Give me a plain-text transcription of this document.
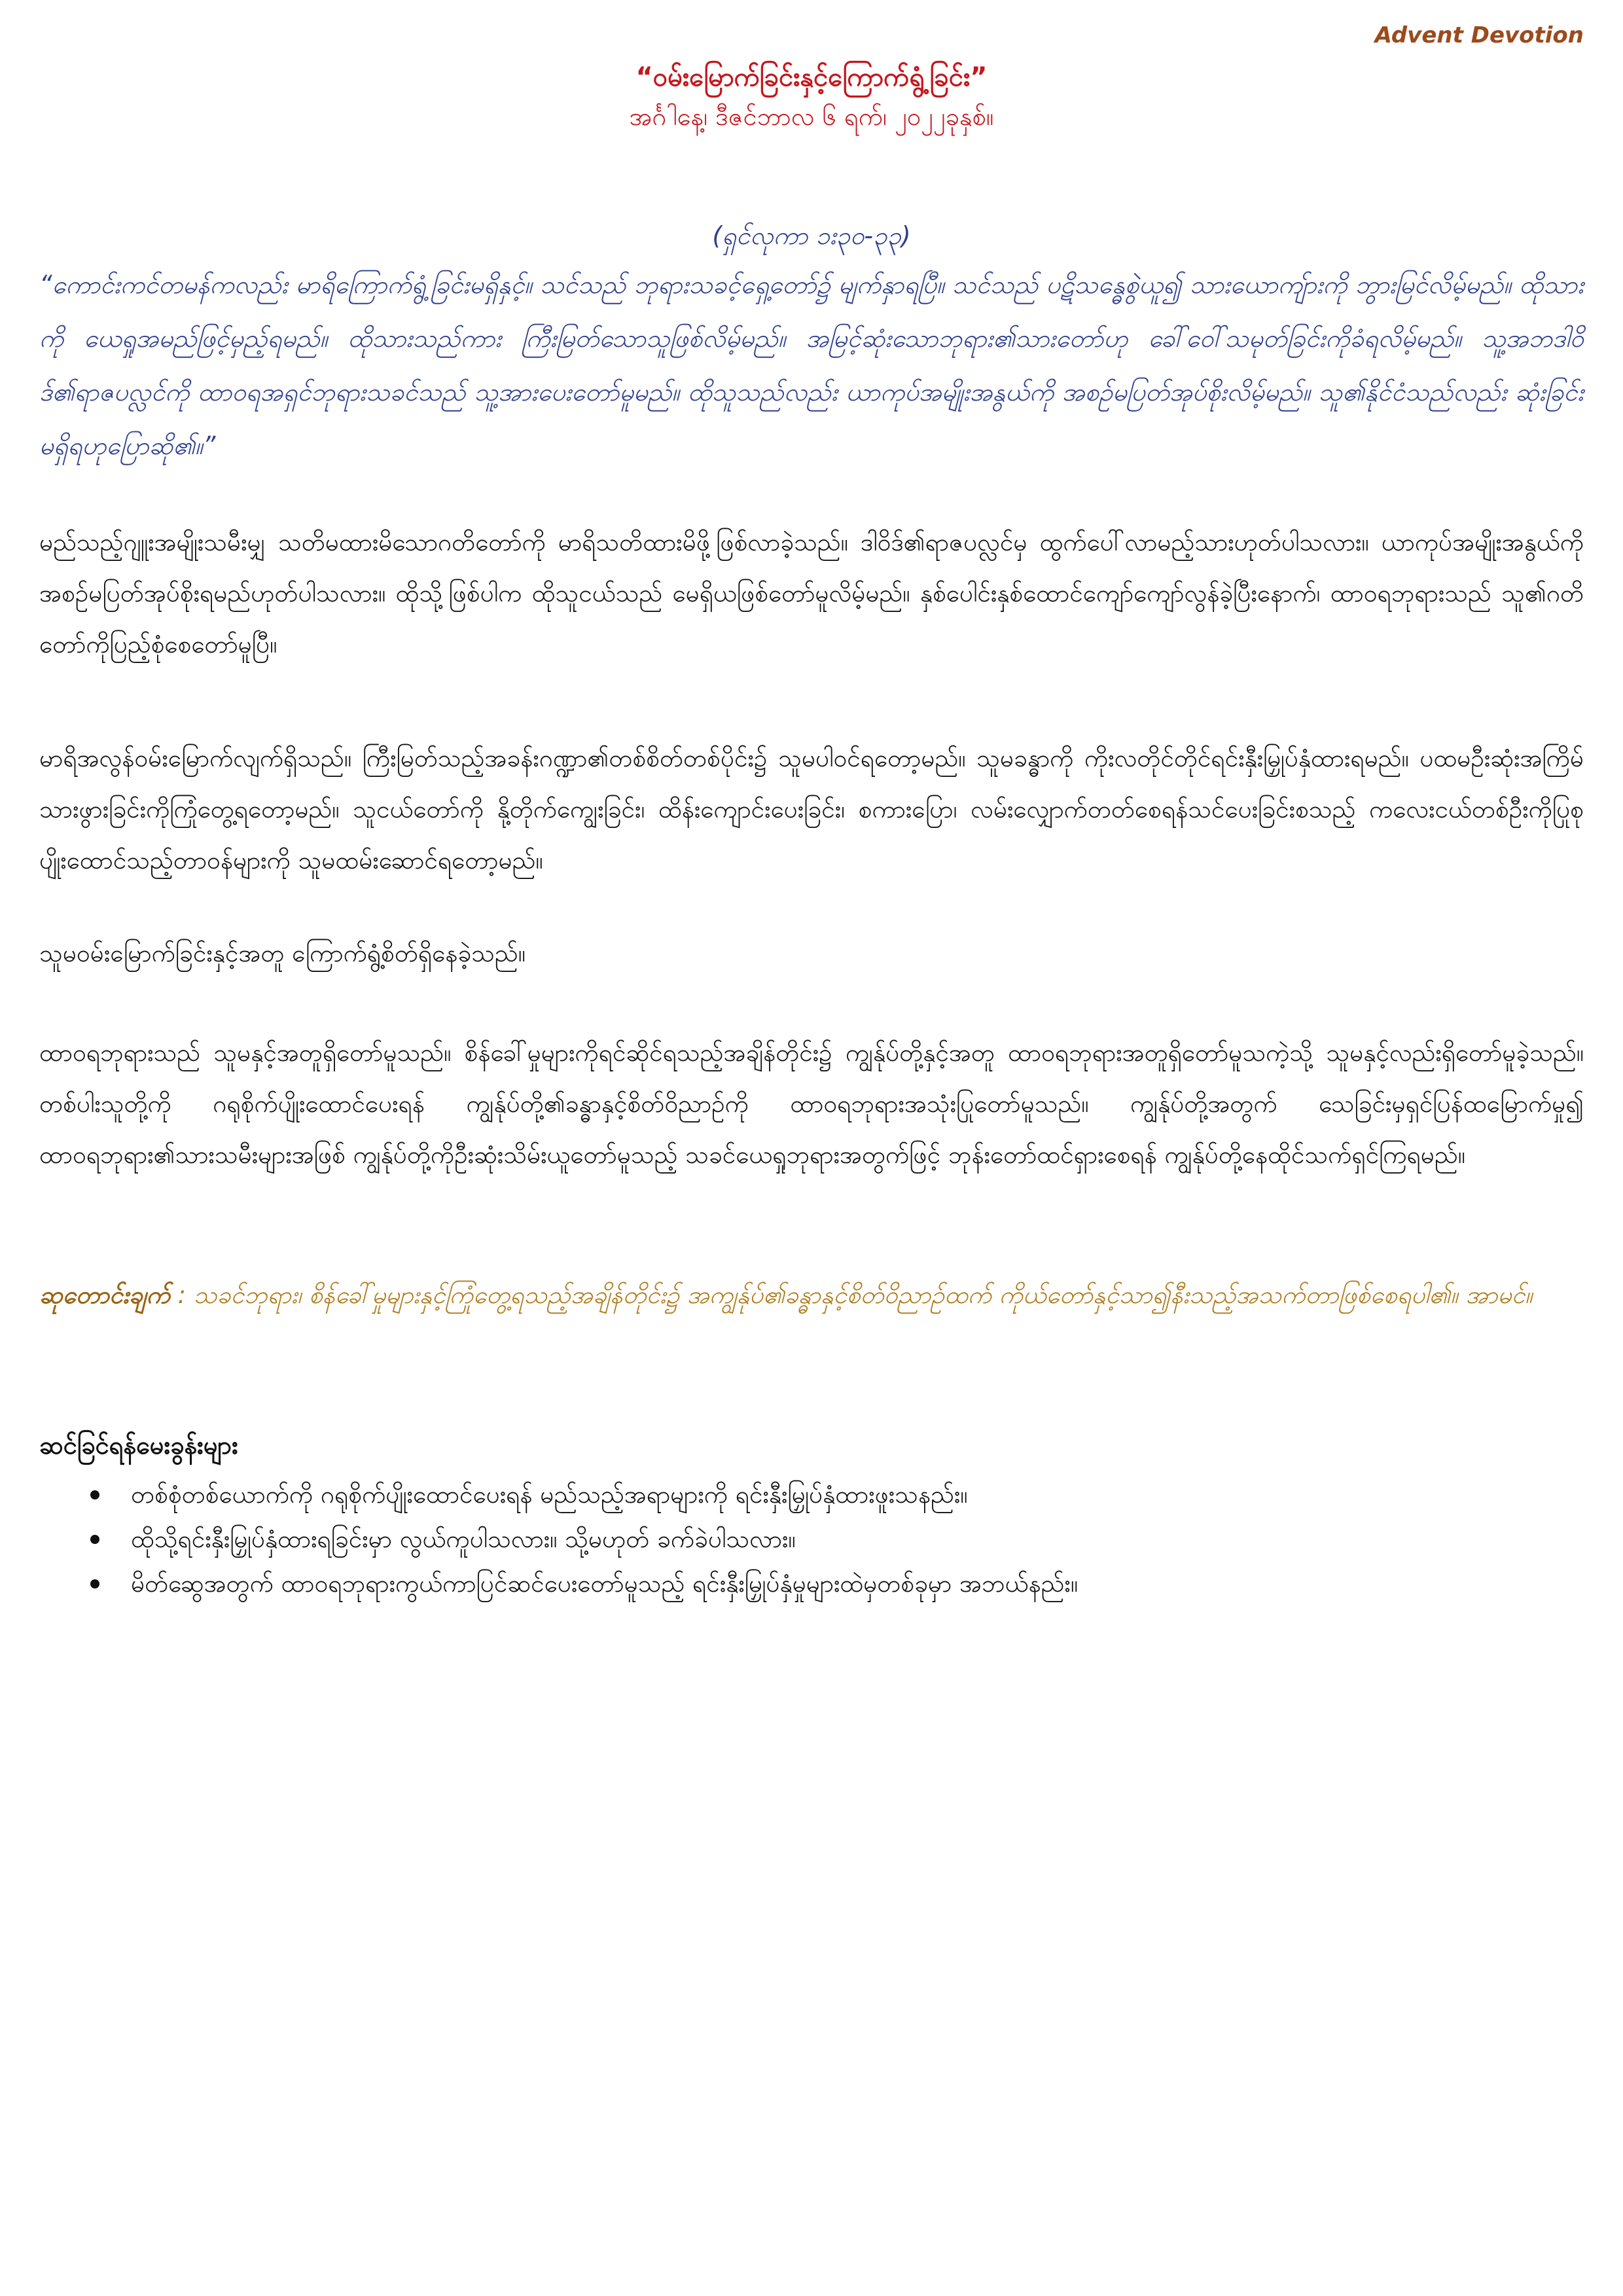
Advent Devotion
“ဝမ်းမြောက်ခြင်းနှင့်ကြောက်ရွံ့ခြင်း”
အင်္ဂါနေ့၊ ဒီဇင်ဘာလ ၆ ရက်၊ ၂၀၂၂ခုနှစ်။
(ရှင်လုကာ ၁း၃၀-၃၃)
“ကောင်းကင်တမန်ကလည်း မာရိကြောက်ရွံ့ခြင်းမရှိနှင့်။ သင်သည် ဘုရားသခင့်ရှေ့တော်၌ မျက်နှာရပြီ။ သင်သည် ပဋိသန္ဓေစွဲယူ၍ သားယောကျ်ားကို ဘွားမြင်လိမ့်မည်။ ထိုသားကို ယေရှုအမည်ဖြင့်မှည့်ရမည်။ ထိုသားသည်ကား ကြီးမြတ်သောသူဖြစ်လိမ့်မည်။ အမြင့်ဆုံးသောဘုရား၏သားတော်ဟု ခေါ်ဝေါ်သမုတ်ခြင်းကိုခံရလိမ့်မည်။ သူ့အဘဒါဝိဒ်၏ရာဇပလ္လင်ကို ထာဝရအရှင်ဘုရားသခင်သည် သူ့အားပေးတော်မူမည်။ ထိုသူသည်လည်း ယာကုပ်အမျိုးအနွယ်ကို အစဉ်မပြတ်အုပ်စိုးလိမ့်မည်။ သူ၏နိုင်ငံသည်လည်း ဆုံးခြင်းမရှိရဟုပြောဆို၏။”
မည်သည့်ဂျူးအမျိုးသမီးမျှ သတိမထားမိသောဂတိတော်ကို မာရိသတိထားမိဖို့ဖြစ်လာခဲ့သည်။ ဒါဝိဒ်၏ရာဇပလ္လင်မှ ထွက်ပေါ်လာမည့်သားဟုတ်ပါသလား။ ယာကုပ်အမျိုးအနွယ်ကို အစဉ်မပြတ်အုပ်စိုးရမည်ဟုတ်ပါသလား။ ထိုသို့ဖြစ်ပါက ထိုသူငယ်သည် မေရှိယဖြစ်တော်မူလိမ့်မည်။ နှစ်ပေါင်းနှစ်ထောင်ကျော်ကျော်လွန်ခဲ့ပြီးနောက်၊ ထာဝရဘုရားသည် သူ၏ဂတိတော်ကိုပြည့်စုံစေတော်မူပြီ။
မာရိအလွန်ဝမ်းမြောက်လျက်ရှိသည်။ ကြီးမြတ်သည့်အခန်းဂဏ္ဍာ၏တစ်စိတ်တစ်ပိုင်း၌ သူမပါဝင်ရတော့မည်။ သူမခန္ဓာကို ကိုးလတိုင်တိုင်ရင်းနှီးမြှုပ်နှံထားရမည်။ ပထမဦးဆုံးအကြိမ် သားဖွားခြင်းကိုကြုံတွေ့ရတော့မည်။ သူငယ်တော်ကို နို့တိုက်ကျွေးခြင်း၊ ထိန်းကျောင်းပေးခြင်း၊ စကားပြော၊ လမ်းလျှောက်တတ်စေရန်သင်ပေးခြင်းစသည့် ကလေးငယ်တစ်ဦးကိုပြုစုပျိုးထောင်သည့်တာဝန်များကို သူမထမ်းဆောင်ရတော့မည်။
သူမဝမ်းမြောက်ခြင်းနှင့်အတူ ကြောက်ရွံ့စိတ်ရှိနေခဲ့သည်။
ထာဝရဘုရားသည် သူမနှင့်အတူရှိတော်မူသည်။ စိန်ခေါ်မှုများကိုရင်ဆိုင်ရသည့်အချိန်တိုင်း၌ ကျွန်ုပ်တို့နှင့်အတူ ထာဝရဘုရားအတူရှိတော်မူသကဲ့သို့ သူမနှင့်လည်းရှိတော်မူခဲ့သည်။ တစ်ပါးသူတို့ကို ဂရုစိုက်ပျိုးထောင်ပေးရန် ကျွန်ုပ်တို့၏ခန္ဓာနှင့်စိတ်ဝိညာဉ်ကို ထာဝရဘုရားအသုံးပြုတော်မူသည်။ ကျွန်ုပ်တို့အတွက် သေခြင်းမှရှင်ပြန်ထမြောက်မှု၍ ထာဝရဘုရား၏သားသမီးများအဖြစ် ကျွန်ုပ်တို့ကိုဦးဆုံးသိမ်းယူတော်မူသည့် သခင်ယေရှုဘုရားအတွက်ဖြင့် ဘုန်းတော်ထင်ရှားစေရန် ကျွန်ုပ်တို့နေထိုင်သက်ရှင်ကြရမည်။
ဆုတောင်းချက် : သခင်ဘုရား၊ စိန်ခေါ်မှုများနှင့်ကြုံတွေ့ရသည့်အချိန်တိုင်း၌ အကျွန်ုပ်၏ခန္ဓာနှင့်စိတ်ဝိညာဉ်ထက် ကိုယ်တော်နှင့်သာ၍နီးသည့်အသက်တာဖြစ်စေရပါ၏။ အာမင်။
ဆင်ခြင်ရန်မေးခွန်းများ
တစ်စုံတစ်ယောက်ကို ဂရုစိုက်ပျိုးထောင်ပေးရန် မည်သည့်အရာများကို ရင်းနှီးမြှုပ်နှံထားဖူးသနည်း။
ထိုသို့ရင်းနှီးမြှုပ်နှံထားရခြင်းမှာ လွယ်ကူပါသလား။ သို့မဟုတ် ခက်ခဲပါသလား။
မိတ်ဆွေအတွက် ထာဝရဘုရားကွယ်ကာပြင်ဆင်ပေးတော်မူသည့် ရင်းနှီးမြှုပ်နှံမှုများထဲမှတစ်ခုမှာ အဘယ်နည်း။
